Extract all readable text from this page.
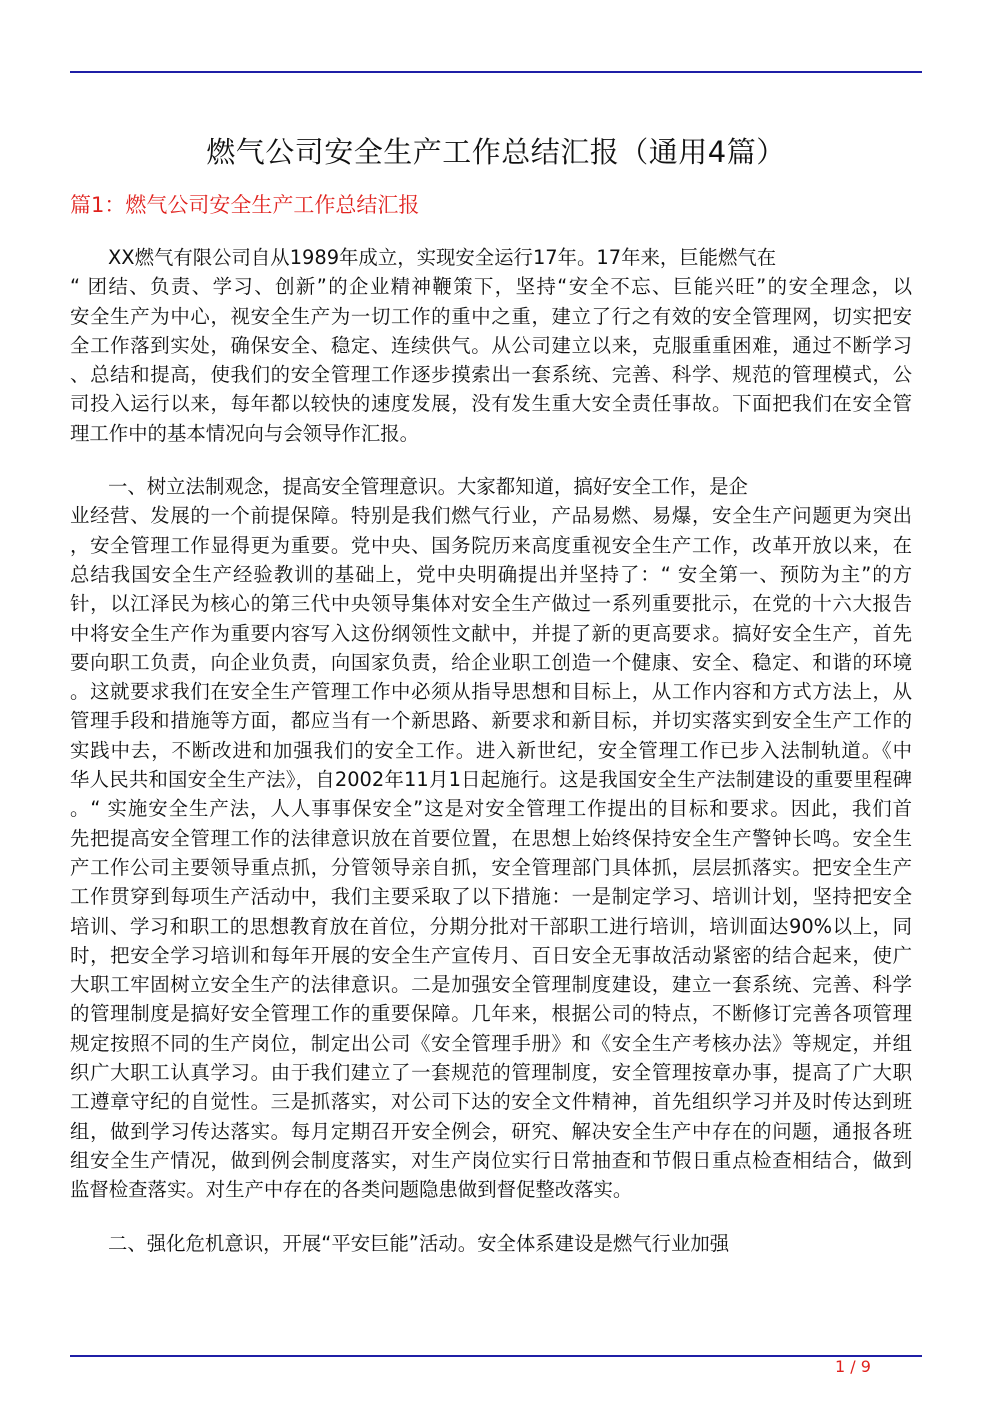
燃气公司安全生产工作总结汇报（通用4篇）
篇1：燃气公司安全生产工作总结汇报
XX燃气有限公司自从1989年成立，实现安全运行17年。17年来，巨能燃气在
“ 团结、负责、学习、创新”的企业精神鞭策下，坚持“安全不忘、巨能兴旺”的安全理念，以
安全生产为中心，视安全生产为一切工作的重中之重，建立了行之有效的安全管理网，切实把安
全工作落到实处，确保安全、稳定、连续供气。从公司建立以来，克服重重困难，通过不断学习
、总结和提高，使我们的安全管理工作逐步摸索出一套系统、完善、科学、规范的管理模式，公
司投入运行以来，每年都以较快的速度发展，没有发生重大安全责任事故。下面把我们在安全管
理工作中的基本情况向与会领导作汇报。
一、树立法制观念，提高安全管理意识。大家都知道，搞好安全工作，是企
业经营、发展的一个前提保障。特别是我们燃气行业，产品易燃、易爆，安全生产问题更为突出
，安全管理工作显得更为重要。党中央、国务院历来高度重视安全生产工作，改革开放以来，在
总结我国安全生产经验教训的基础上，党中央明确提出并坚持了：“ 安全第一、预防为主”的方
针，以江泽民为核心的第三代中央领导集体对安全生产做过一系列重要批示，在党的十六大报告
中将安全生产作为重要内容写入这份纲领性文献中，并提了新的更高要求。搞好安全生产，首先
要向职工负责，向企业负责，向国家负责，给企业职工创造一个健康、安全、稳定、和谐的环境
。这就要求我们在安全生产管理工作中必须从指导思想和目标上，从工作内容和方式方法上，从
管理手段和措施等方面，都应当有一个新思路、新要求和新目标，并切实落实到安全生产工作的
实践中去，不断改进和加强我们的安全工作。进入新世纪，安全管理工作已步入法制轨道。《中
华人民共和国安全生产法》，自2002年11月1日起施行。这是我国安全生产法制建设的重要里程碑
。“ 实施安全生产法，人人事事保安全”这是对安全管理工作提出的目标和要求。因此，我们首
先把提高安全管理工作的法律意识放在首要位置，在思想上始终保持安全生产警钟长鸣。安全生
产工作公司主要领导重点抓，分管领导亲自抓，安全管理部门具体抓，层层抓落实。把安全生产
工作贯穿到每项生产活动中，我们主要采取了以下措施：一是制定学习、培训计划，坚持把安全
培训、学习和职工的思想教育放在首位，分期分批对干部职工进行培训，培训面达90%以上，同
时，把安全学习培训和每年开展的安全生产宣传月、百日安全无事故活动紧密的结合起来，使广
大职工牢固树立安全生产的法律意识。二是加强安全管理制度建设，建立一套系统、完善、科学
的管理制度是搞好安全管理工作的重要保障。几年来，根据公司的特点，不断修订完善各项管理
规定按照不同的生产岗位，制定出公司《安全管理手册》和《安全生产考核办法》等规定，并组
织广大职工认真学习。由于我们建立了一套规范的管理制度，安全管理按章办事，提高了广大职
工遵章守纪的自觉性。三是抓落实，对公司下达的安全文件精神，首先组织学习并及时传达到班
组，做到学习传达落实。每月定期召开安全例会，研究、解决安全生产中存在的问题，通报各班
组安全生产情况，做到例会制度落实，对生产岗位实行日常抽查和节假日重点检查相结合，做到
监督检查落实。对生产中存在的各类问题隐患做到督促整改落实。
二、强化危机意识，开展“平安巨能”活动。安全体系建设是燃气行业加强
1 / 9
